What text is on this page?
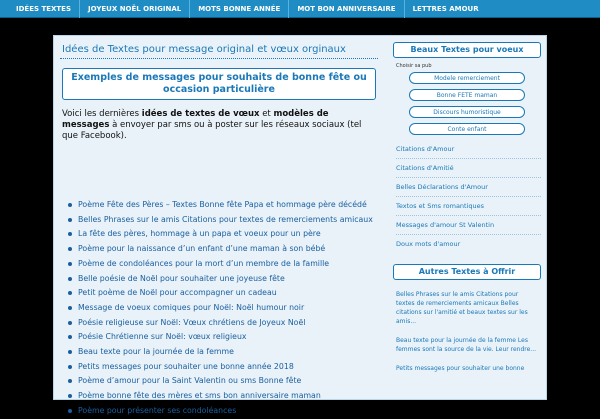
IDÉES TEXTES	JOYEUX NOËL ORIGINAL	MOTS BONNE ANNÉE	MOT BON ANNIVERSAIRE	LETTRES AMOUR
Idées de Textes pour message original et vœux orginaux
Exemples de messages pour souhaits de bonne fête ou occasion particulière

Voici les dernières idées de textes de vœux et modèles de messages à envoyer par sms ou à poster sur les réseaux sociaux (tel que Facebook).

Poème Fête des Pères – Textes Bonne fête Papa et hommage père décédé
Belles Phrases sur le amis Citations pour textes de remerciements amicaux
La fête des pères, hommage à un papa et voeux pour un père
Poème pour la naissance d’un enfant d’une maman à son bébé
Poème de condoléances pour la mort d’un membre de la famille
Belle poésie de Noël pour souhaiter une joyeuse fête
Petit poème de Noël pour accompagner un cadeau
Message de voeux comiques pour Noël: Noël humour noir
Poésie religieuse sur Noël: Vœux chrétiens de Joyeux Noël
Poésie Chrétienne sur Noël: vœux religieux
Beau texte pour la journée de la femme
Petits messages pour souhaiter une bonne année 2018
Poème d’amour pour la Saint Valentin ou sms Bonne fête
Poème bonne fête des mères et sms bon anniversaire maman
Poème pour présenter ses condoléances
Beaux Textes pour voeux
Choisir sa pub
Modele remerciement
Bonne FETE maman
Discours humoristique
Conte enfant
Citations d'Amour
Citations d'Amitié
Belles Déclarations d'Amour
Textos et Sms romantiques
Messages d'amour St Valentin
Doux mots d'amour
Autres Textes à Offrir
Belles Phrases sur le amis Citations pour textes de remerciements amicaux Belles citations sur l'amitié et beaux textes sur les amis...
Beau texte pour la journée de la femme Les femmes sont la source de la vie. Leur rendre...
Petits messages pour souhaiter une bonne
